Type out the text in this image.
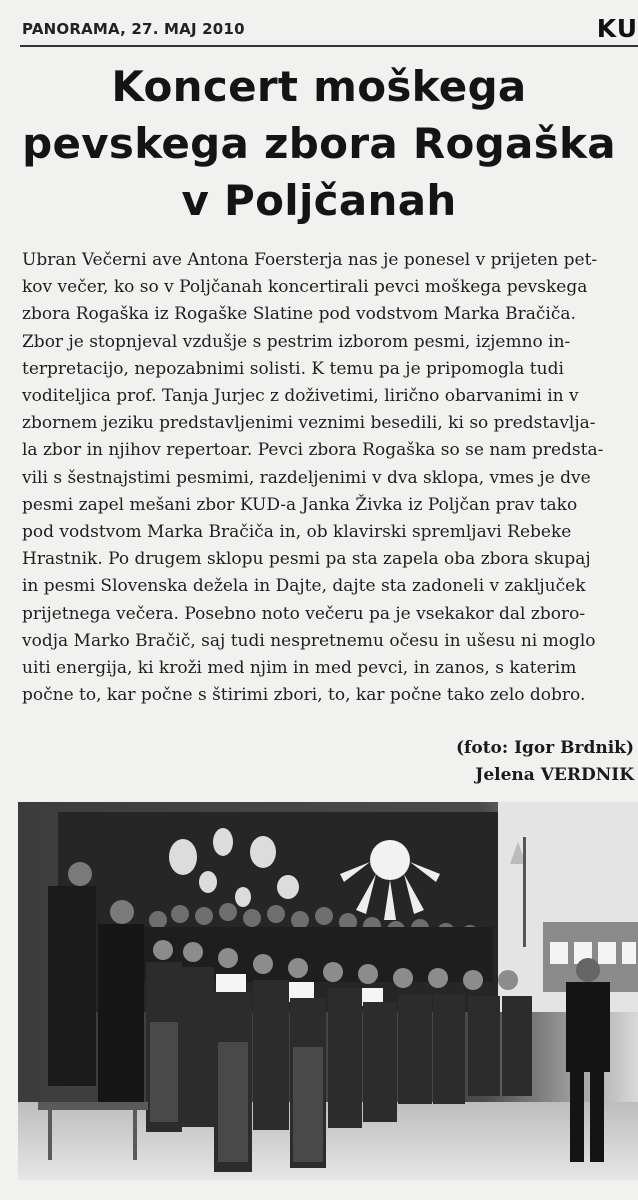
PANORAMA, 27. MAJ 2010	KU
Koncert moškega
pevskega zbora Rogaška
v Poljčanah
Ubran Večerni ave Antona Foersterja nas je ponesel v prijeten pet-
kov večer, ko so v Poljčanah koncertirali pevci moškega pevskega
zbora Rogaška iz Rogaške Slatine pod vodstvom Marka Bračiča.
Zbor je stopnjeval vzdušje s pestrim izborom pesmi, izjemno in-
terpretacijo, nepozabnimi solisti. K temu pa je pripomogla tudi
voditeljica prof. Tanja Jurjec z doživetimi, lirično obarvanimi in v
zbornem jeziku predstavljenimi veznimi besedili, ki so predstavlja-
la zbor in njihov repertoar. Pevci zbora Rogaška so se nam predsta-
vili s šestnajstimi pesmimi, razdeljenimi v dva sklopa, vmes je dve
pesmi zapel mešani zbor KUD-a Janka Živka iz Poljčan prav tako
pod vodstvom Marka Bračiča in, ob klavirski spremljavi Rebeke
Hrastnik. Po drugem sklopu pesmi pa sta zapela oba zbora skupaj
in pesmi Slovenska dežela in Dajte, dajte sta zadoneli v zaključek
prijetnega večera. Posebno noto večeru pa je vsekakor dal zboro-
vodja Marko Bračič, saj tudi nespretnemu očesu in ušesu ni moglo
uiti energija, ki kroži med njim in med pevci, in zanos, s katerim
počne to, kar počne s štirimi zbori, to, kar počne tako zelo dobro.
(foto: Igor Brdnik)
Jelena VERDNIK
